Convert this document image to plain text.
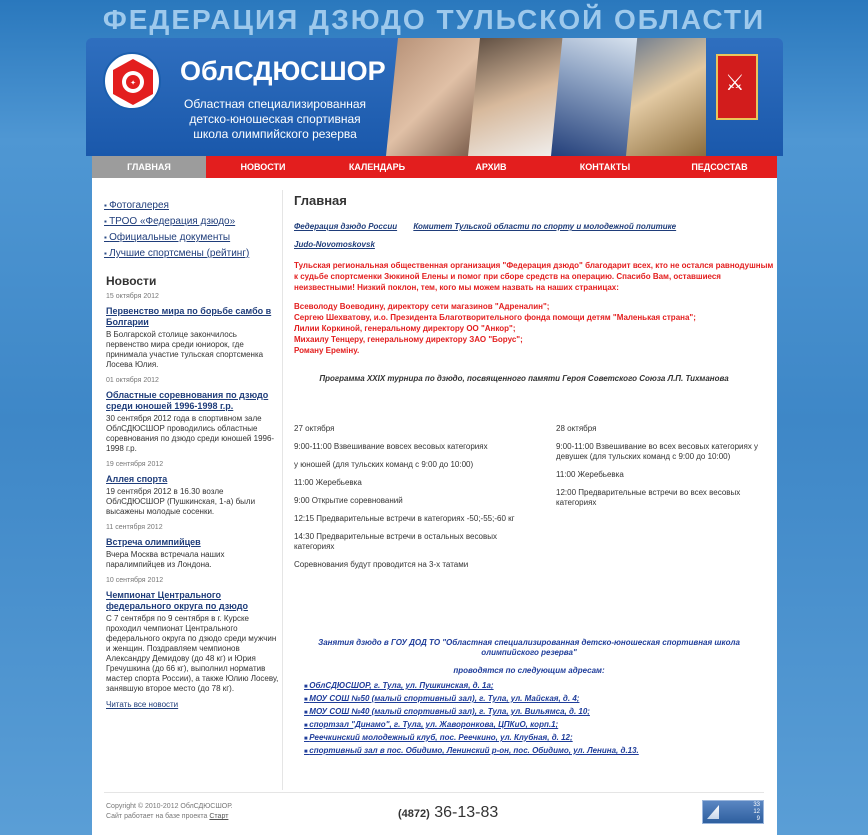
ФЕДЕРАЦИЯ ДЗЮДО ТУЛЬСКОЙ ОБЛАСТИ
✦ ОблСДЮСШОР
Областная специализированная детско-юношеская спортивная школа олимпийского резерва
⚔
ГЛАВНАЯ	НОВОСТИ	КАЛЕНДАРЬ	АРХИВ	КОНТАКТЫ	ПЕДСОСТАВ
▪ Фотогалерея
▪ ТРОО «Федерация дзюдо»
▪ Официальные документы
▪ Лучшие спортсмены (рейтинг)
Новости
15 октября 2012
Первенство мира по борьбе самбо в Болгарии
В Болгарской столице закончилось первенство мира среди юниорок, где принимала участие тульская спортсменка Лосева Юлия.
01 октября 2012
Областные соревнования по дзюдо среди юношей 1996-1998 г.р.
30 сентября 2012 года в спортивном зале ОблСДЮСШОР проводились областные соревнования по дзюдо среди юношей 1996-1998 г.р.
19 сентября 2012
Аллея спорта
19 сентября 2012 в 16.30 возле ОблСДЮСШОР (Пушкинская, 1-а) были высажены молодые сосенки.
11 сентября 2012
Встреча олимпийцев
Вчера Москва встречала наших паралимпийцев из Лондона.
10 сентября 2012
Чемпионат Центрального федерального округа по дзюдо
С 7 сентября по 9 сентября в г. Курске проходил чемпионат Центрального федерального округа по дзюдо среди мужчин и женщин. Поздравляем чемпионов Александру Демидову (до 48 кг) и Юрия Гречушкина (до 66 кг), выполнил норматив мастер спорта России), а также Юлию Лосеву, занявшую второе место (до 78 кг).
Читать все новости
Главная
Федерация дзюдо России Комитет Тульской области по спорту и молодежной политике
Judo-Novomoskovsk
Тульская региональная общественная организация "Федерация дзюдо" благодарит всех, кто не остался равнодушным к судьбе спортсменки Зюкиной Елены и помог при сборе средств на операцию. Спасибо Вам, оставшиеся неизвестными! Низкий поклон, тем, кого мы можем назвать на наших страницах:
Всеволоду Воеводину, директору сети магазинов "Адреналин";
Сергею Шехватову, и.о. Президента Благотворительного фонда помощи детям "Маленькая страна";
Лилии Коркиной, генеральному директору ОО "Анкор";
Михаилу Тенцеру, генеральному директору ЗАО "Борус";
Роману Ереміну.
Программа XXIX турнира по дзюдо, посвященного памяти Героя Советского Союза Л.П. Тихманова

27 октября

9:00-11:00 Взвешивание вовсех весовых категориях

у юношей (для тульских команд с 9:00 до 10:00)

11:00 Жеребьевка

9:00 Открытие соревнований

12:15 Предварительные встречи в категориях -50;-55;-60 кг

14:30 Предварительные встречи в остальных весовых категориях

Соревнования будут проводится на 3-х татами

28 октября

9:00-11:00 Взвешивание во всех весовых категориях у девушек (для тульских команд с 9:00 до 10:00)

11:00 Жеребьевка

12:00 Предварительные встречи во всех весовых категориях

Занятия дзюдо в ГОУ ДОД ТО "Областная специализированная детско-юношеская спортивная школа олимпийского резерва"
проводятся по следующим адресам:
■ ОблСДЮСШОР, г. Тула, ул. Пушкинская, д. 1а;
■ МОУ СОШ №50 (малый спортивный зал), г. Тула, ул. Майская, д. 4;
■ МОУ СОШ №40 (малый спортивный зал), г. Тула, ул. Вильямса, д. 10;
■ спортзал "Динамо", г. Тула, ул. Жаворонкова, ЦПКиО, корп.1;
■ Реечкинский молодежный клуб, пос. Реечкино, ул. Клубная, д. 12;
■ спортивный зал в пос. Обидимо, Ленинский р-он, пос. Обидимо, ул. Ленина, д.13.
Copyright © 2010-2012 ОблСДЮСШОР.
Сайт работает на базе проекта Старт	(4872) 36-13-83	33
12
9
